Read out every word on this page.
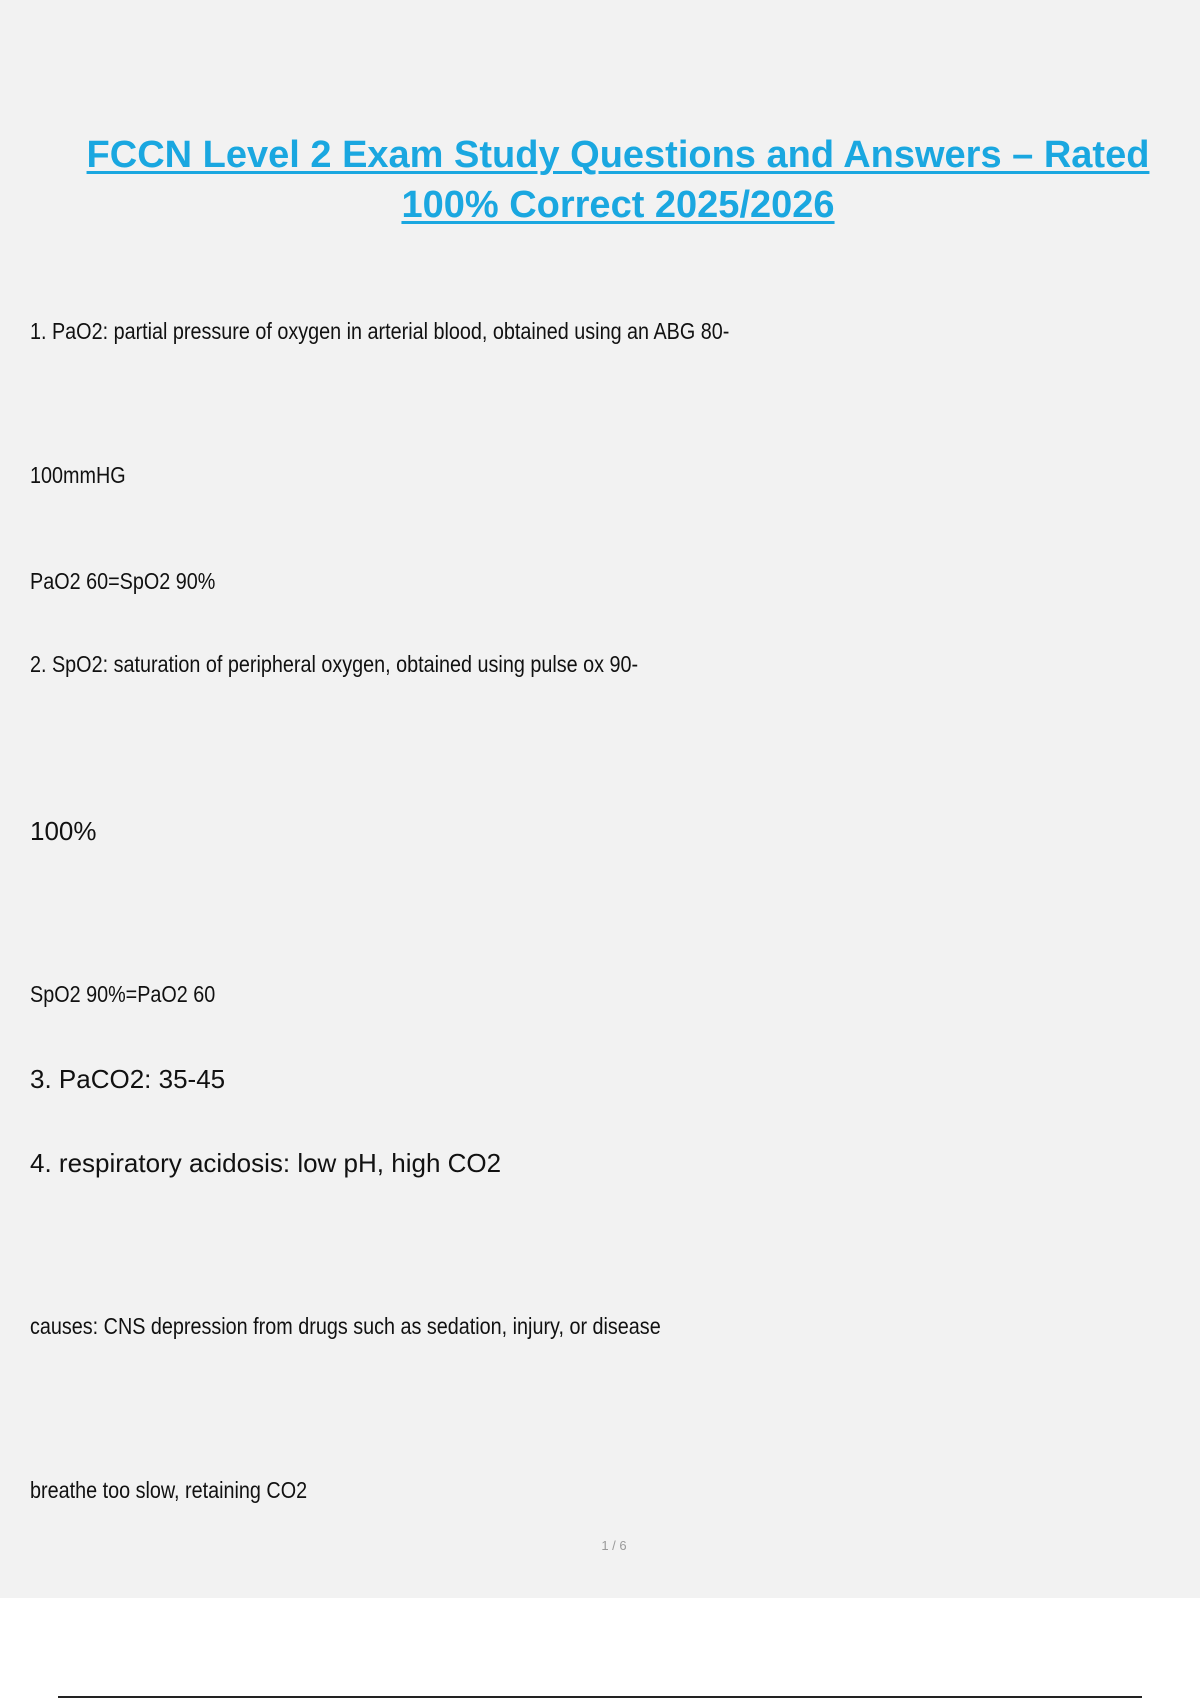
FCCN Level 2 Exam Study Questions and Answers – Rated
100% Correct 2025/2026

1. PaO2: partial pressure of oxygen in arterial blood, obtained using an ABG 80-

100mmHG

PaO2 60=SpO2 90%

2. SpO2: saturation of peripheral oxygen, obtained using pulse ox 90-

100%

SpO2 90%=PaO2 60

3. PaCO2: 35-45

4. respiratory acidosis: low pH, high CO2

causes: CNS depression from drugs such as sedation, injury, or disease

breathe too slow, retaining CO2

1 / 6
